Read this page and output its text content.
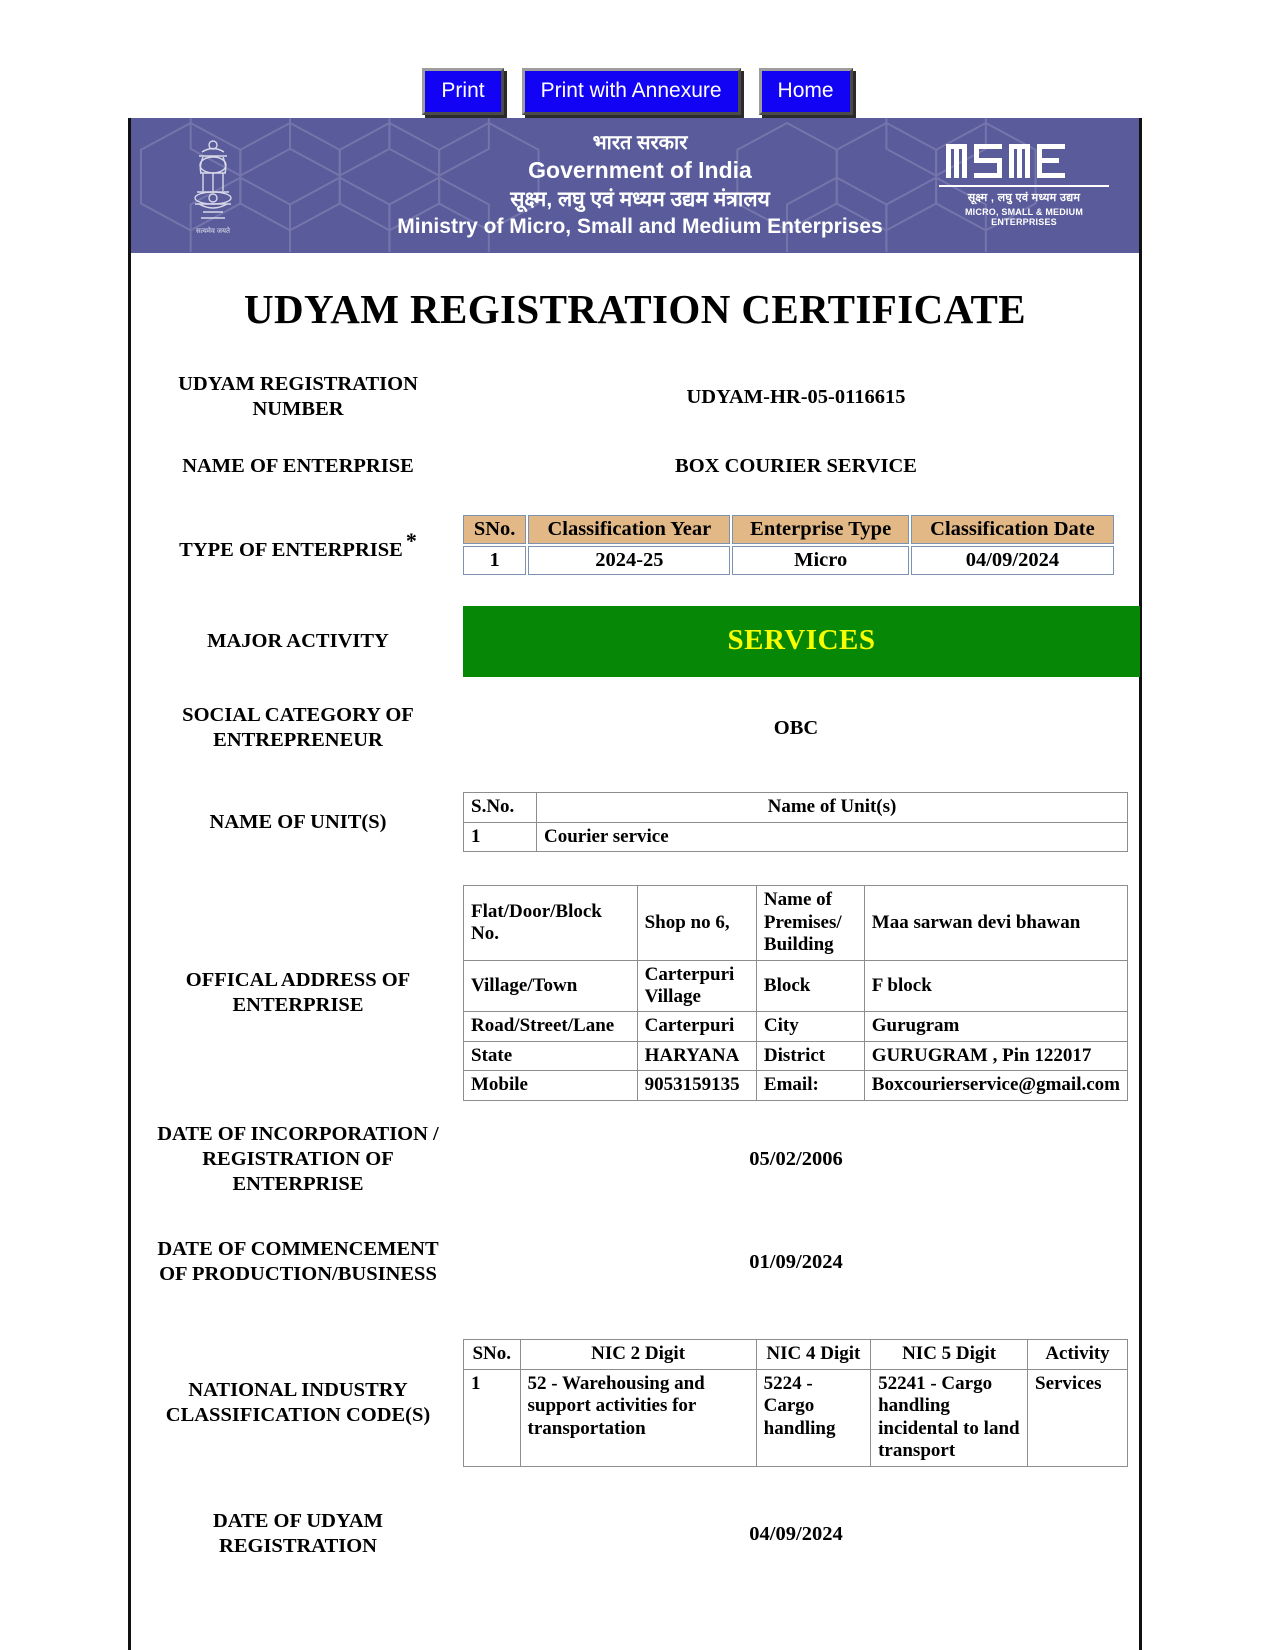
Print	Print with Annexure	Home
सत्यमेव जयते
भारत सरकार
Government of India
सूक्ष्म, लघु एवं मध्यम उद्यम मंत्रालय
Ministry of Micro, Small and Medium Enterprises
सूक्ष्म , लघु एवं मध्यम उद्यम
MICRO, SMALL & MEDIUM ENTERPRISES
UDYAM REGISTRATION CERTIFICATE
UDYAM REGISTRATION NUMBER
UDYAM-HR-05-0116615
NAME OF ENTERPRISE	BOX COURIER SERVICE
TYPE OF ENTERPRISE *	SNo.	Classification Year	Enterprise Type	Classification Date
1	2024-25	Micro	04/09/2024
MAJOR ACTIVITY	SERVICES
SOCIAL CATEGORY OF ENTREPRENEUR
OBC
NAME OF UNIT(S)
S.No.	Name of Unit(s)
1	Courier service
OFFICAL ADDRESS OF ENTERPRISE
Flat/Door/Block No.	Shop no 6,	Name of Premises/ Building	Maa sarwan devi bhawan
Village/Town	Carterpuri Village	Block	F block
Road/Street/Lane	Carterpuri	City	Gurugram
State	HARYANA	District	GURUGRAM , Pin 122017
Mobile	9053159135	Email:	Boxcourierservice@gmail.com
DATE OF INCORPORATION / REGISTRATION OF ENTERPRISE
05/02/2006
DATE OF COMMENCEMENT OF PRODUCTION/BUSINESS
01/09/2024
NATIONAL INDUSTRY CLASSIFICATION CODE(S)
SNo.	NIC 2 Digit	NIC 4 Digit	NIC 5 Digit	Activity
1	52 - Warehousing and support activities for transportation	5224 - Cargo handling	52241 - Cargo handling incidental to land transport	Services
DATE OF UDYAM REGISTRATION
04/09/2024
